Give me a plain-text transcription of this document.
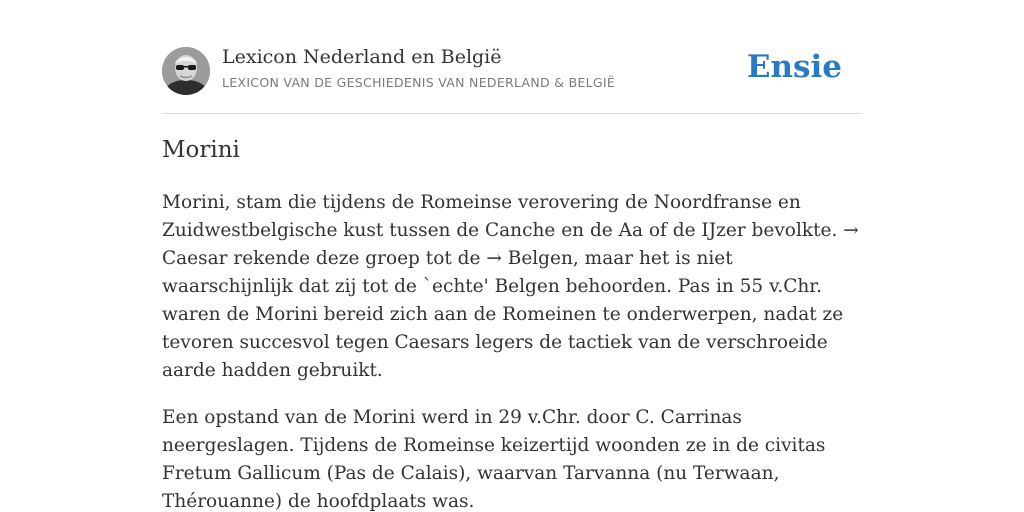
Lexicon Nederland en België
LEXICON VAN DE GESCHIEDENIS VAN NEDERLAND & BELGIË	Ensie
Morini

Morini, stam die tijdens de Romeinse verovering de Noordfranse en Zuidwestbelgische kust tussen de Canche en de Aa of de IJzer bevolkte. → Caesar rekende deze groep tot de → Belgen, maar het is niet waarschijnlijk dat zij tot de `echte' Belgen behoorden. Pas in 55 v.Chr. waren de Morini bereid zich aan de Romeinen te onderwerpen, nadat ze tevoren succesvol tegen Caesars legers de tactiek van de verschroeide aarde hadden gebruikt.

Een opstand van de Morini werd in 29 v.Chr. door C. Carrinas neergeslagen. Tijdens de Romeinse keizertijd woonden ze in de civitas Fretum Gallicum (Pas de Calais), waarvan Tarvanna (nu Terwaan, Thérouanne) de hoofdplaats was.
